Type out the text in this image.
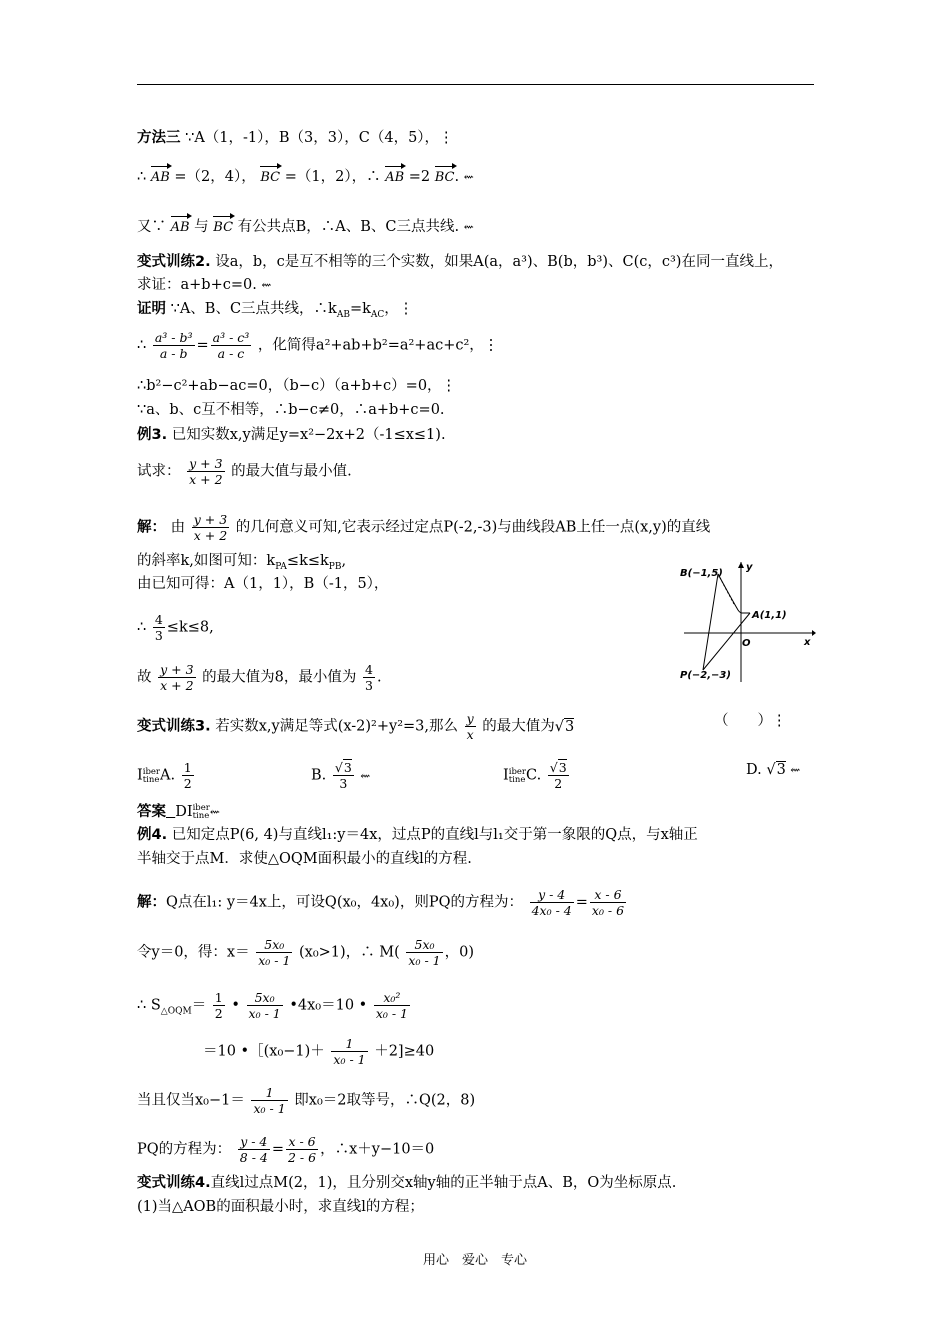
方法三 ∵A（1，-1），B（3，3），C（4，5），⋮
∴ AB =（2，4）， BC =（1，2），∴ AB =2 BC. ⇜
又∵ AB 与 BC 有公共点B，∴A、B、C三点共线. ⇜
变式训练2. 设a，b，c是互不相等的三个实数，如果A(a，a³)、B(b，b³)、C(c，c³)在同一直线上，
求证：a+b+c=0. ⇜
证明 ∵A、B、C三点共线，$\therefore k_{AB}=k_{AC}$，⋮
∴ $\frac{\text{a³ - b³}}{a - b} = \frac{\text{a³ - c³}}{a - c}$ ，化简得a²+ab+b²=a²+ac+c²，⋮
∴b²−c²+ab−ac=0，（b−c）（a+b+c）=0，⋮
∵a、b、c互不相等，∴b−c≠0，∴a+b+c=0.
例3. 已知实数x,y满足y=x²−2x+2（-1≤x≤1).
试求： $\frac{y + 3}{x + 2}$ 的最大值与最小值.
解： 由 $\frac{y + 3}{x + 2}$ 的几何意义可知,它表示经过定点P(-2,-3)与曲线段AB上任一点(x,y)的直线
的斜率k,如图可知：$k_{PA}\le k\le k_{PB}$,
由已知可得：A（1，1），B（-1，5），
∴ $\frac{4}{3} \le k\le 8$,
故 $\frac{y + 3}{x + 2}$ 的最大值为8，最小值为 $\frac{4}{3}$ .
B(−1,5)
A(1,1)
P(−2,−3)
O	x
y
变式训练3. 若实数x,y满足等式(x-2)²+y²=3,那么 $\frac{y}{x}$ 的最大值为√3	（　　）⋮
Iiber
tineA. $\frac{1}{2}$	B. $\frac{√3}{3}$ ⇜	Iiber
tineC. $\frac{√3}{2}$	D. √3 ⇜
答案 DIiber
tine⇜
例4. 已知定点P(6, 4)与直线l₁:y＝4x，过点P的直线l与l₁交于第一象限的Q点，与x轴正
半轴交于点M．求使△OQM面积最小的直线l的方程.
解：Q点在l₁: y＝4x上，可设Q(x₀，4x₀)，则PQ的方程为： $\frac{y - 4}{\text{4x₀ - 4}} = \frac{x - 6}{\text{x₀ - 6}}$
令y＝0，得：$x= \frac{\text{5x₀}}{\text{x₀ - 1}} (x_0>1)$，∴ $M( \frac{\text{5x₀}}{\text{x₀ - 1}}$ ，0)
∴ $S_{\triangle OQM}= \frac{1}{2}$ • $\frac{\text{5x₀}}{\text{x₀ - 1}}$ •4x₀＝10 • $\frac{\text{x₀²}}{\text{x₀ - 1}}$
＝10 •［(x₀−1)＋ $\frac{1}{\text{x₀ - 1}} +2]\ge 40$
当且仅当$x_0-1= \frac{1}{\text{x₀ - 1}}$ 即x₀＝2取等号，∴Q(2，8)
PQ的方程为： $\frac{y - 4}{8 - 4} = \frac{x - 6}{2 - 6}$ ，∴x＋y−10＝0
变式训练4.直线l过点M(2，1)，且分别交x轴y轴的正半轴于点A、B，O为坐标原点.
(1)当△AOB的面积最小时，求直线l的方程；
用心　爱心　专心
